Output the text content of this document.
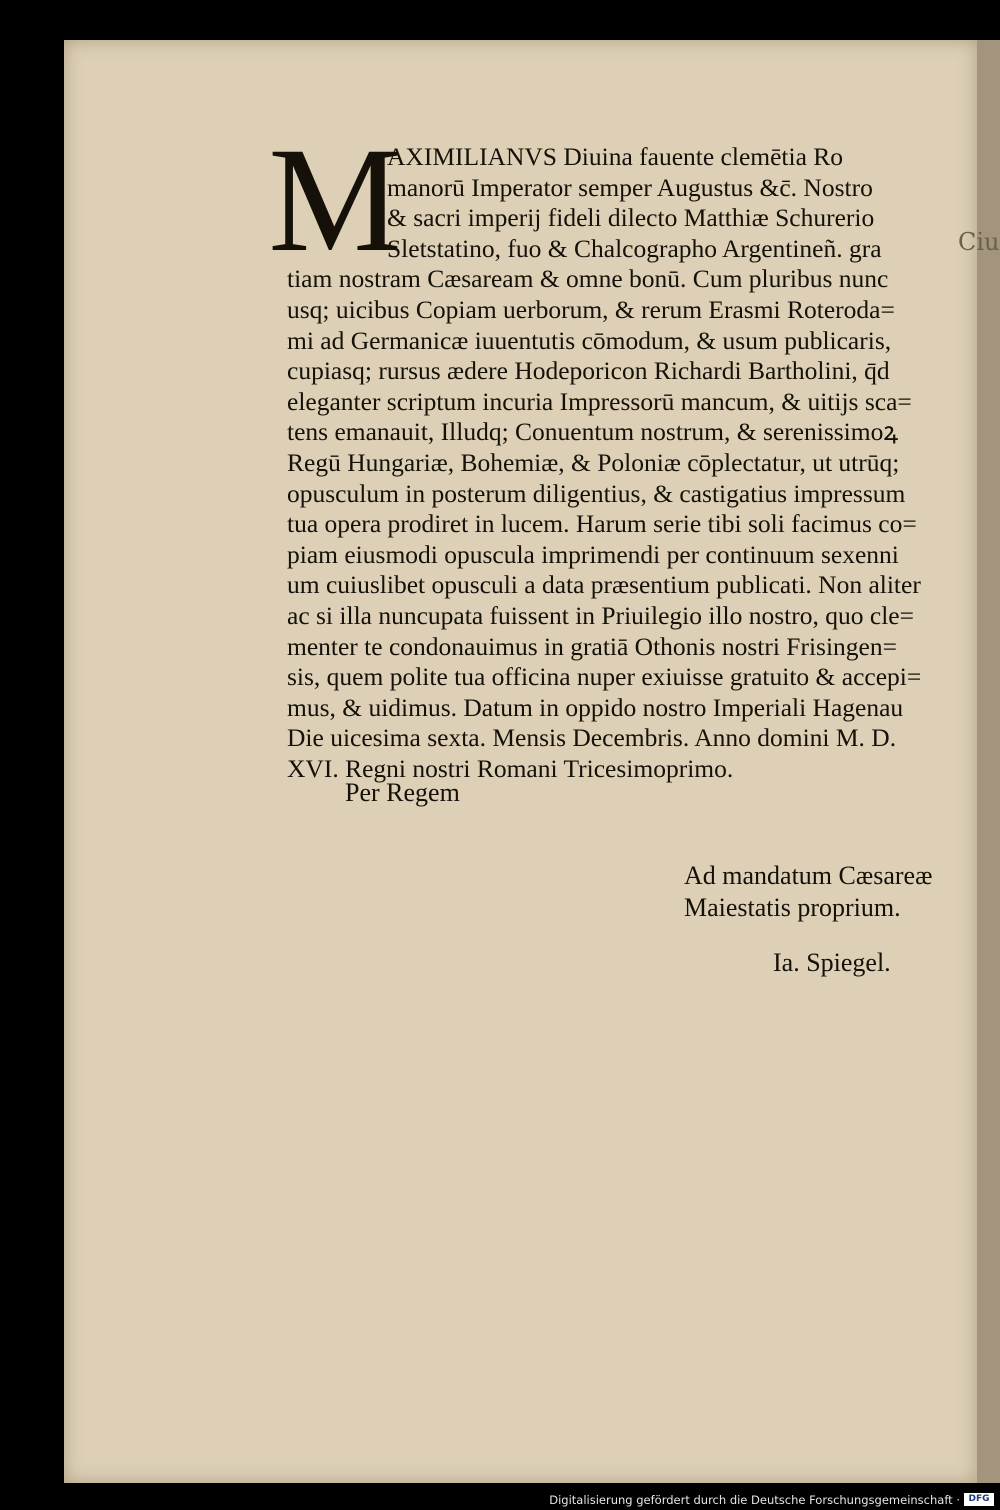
Ciu
M
AXIMILIANVS Diuina fauente clemētia Ro
manorū Imperator semper Augustus &c̄. Nostro
& sacri imperij fideli dilecto Matthiæ Schurerio
Sletstatino, fuo & Chalcographo Argentineñ. gra
tiam nostram Cæsaream & omne bonū. Cum pluribus nunc
usq; uicibus Copiam uerborum, & rerum Erasmi Roteroda=
mi ad Germanicæ iuuentutis cōmodum, & usum publicaris,
cupiasq; rursus ædere Hodeporicon Richardi Bartholini, q̄d
eleganter scriptum incuria Impressorū mancum, & uitijs sca=
tens emanauit, Illudq; Conuentum nostrum, & serenissimoꝝ
Regū Hungariæ, Bohemiæ, & Poloniæ cōplectatur, ut utrūq;
opusculum in posterum diligentius, & castigatius impressum
tua opera prodiret in lucem. Harum serie tibi soli facimus co=
piam eiusmodi opuscula imprimendi per continuum sexenni
um cuiuslibet opusculi a data præsentium publicati. Non aliter
ac si illa nuncupata fuissent in Priuilegio illo nostro, quo cle=
menter te condonauimus in gratiā Othonis nostri Frisingen=
sis, quem polite tua officina nuper exiuisse gratuito & accepi=
mus, & uidimus. Datum in oppido nostro Imperiali Hagenau
Die uicesima sexta. Mensis Decembris. Anno domini M. D.
XVI. Regni nostri Romani Tricesimoprimo.
Per Regem
Ad mandatum Cæsareæ
Maiestatis proprium.
Ia. Spiegel.
Digitalisierung gefördert durch die Deutsche Forschungsgemeinschaft · DFG
